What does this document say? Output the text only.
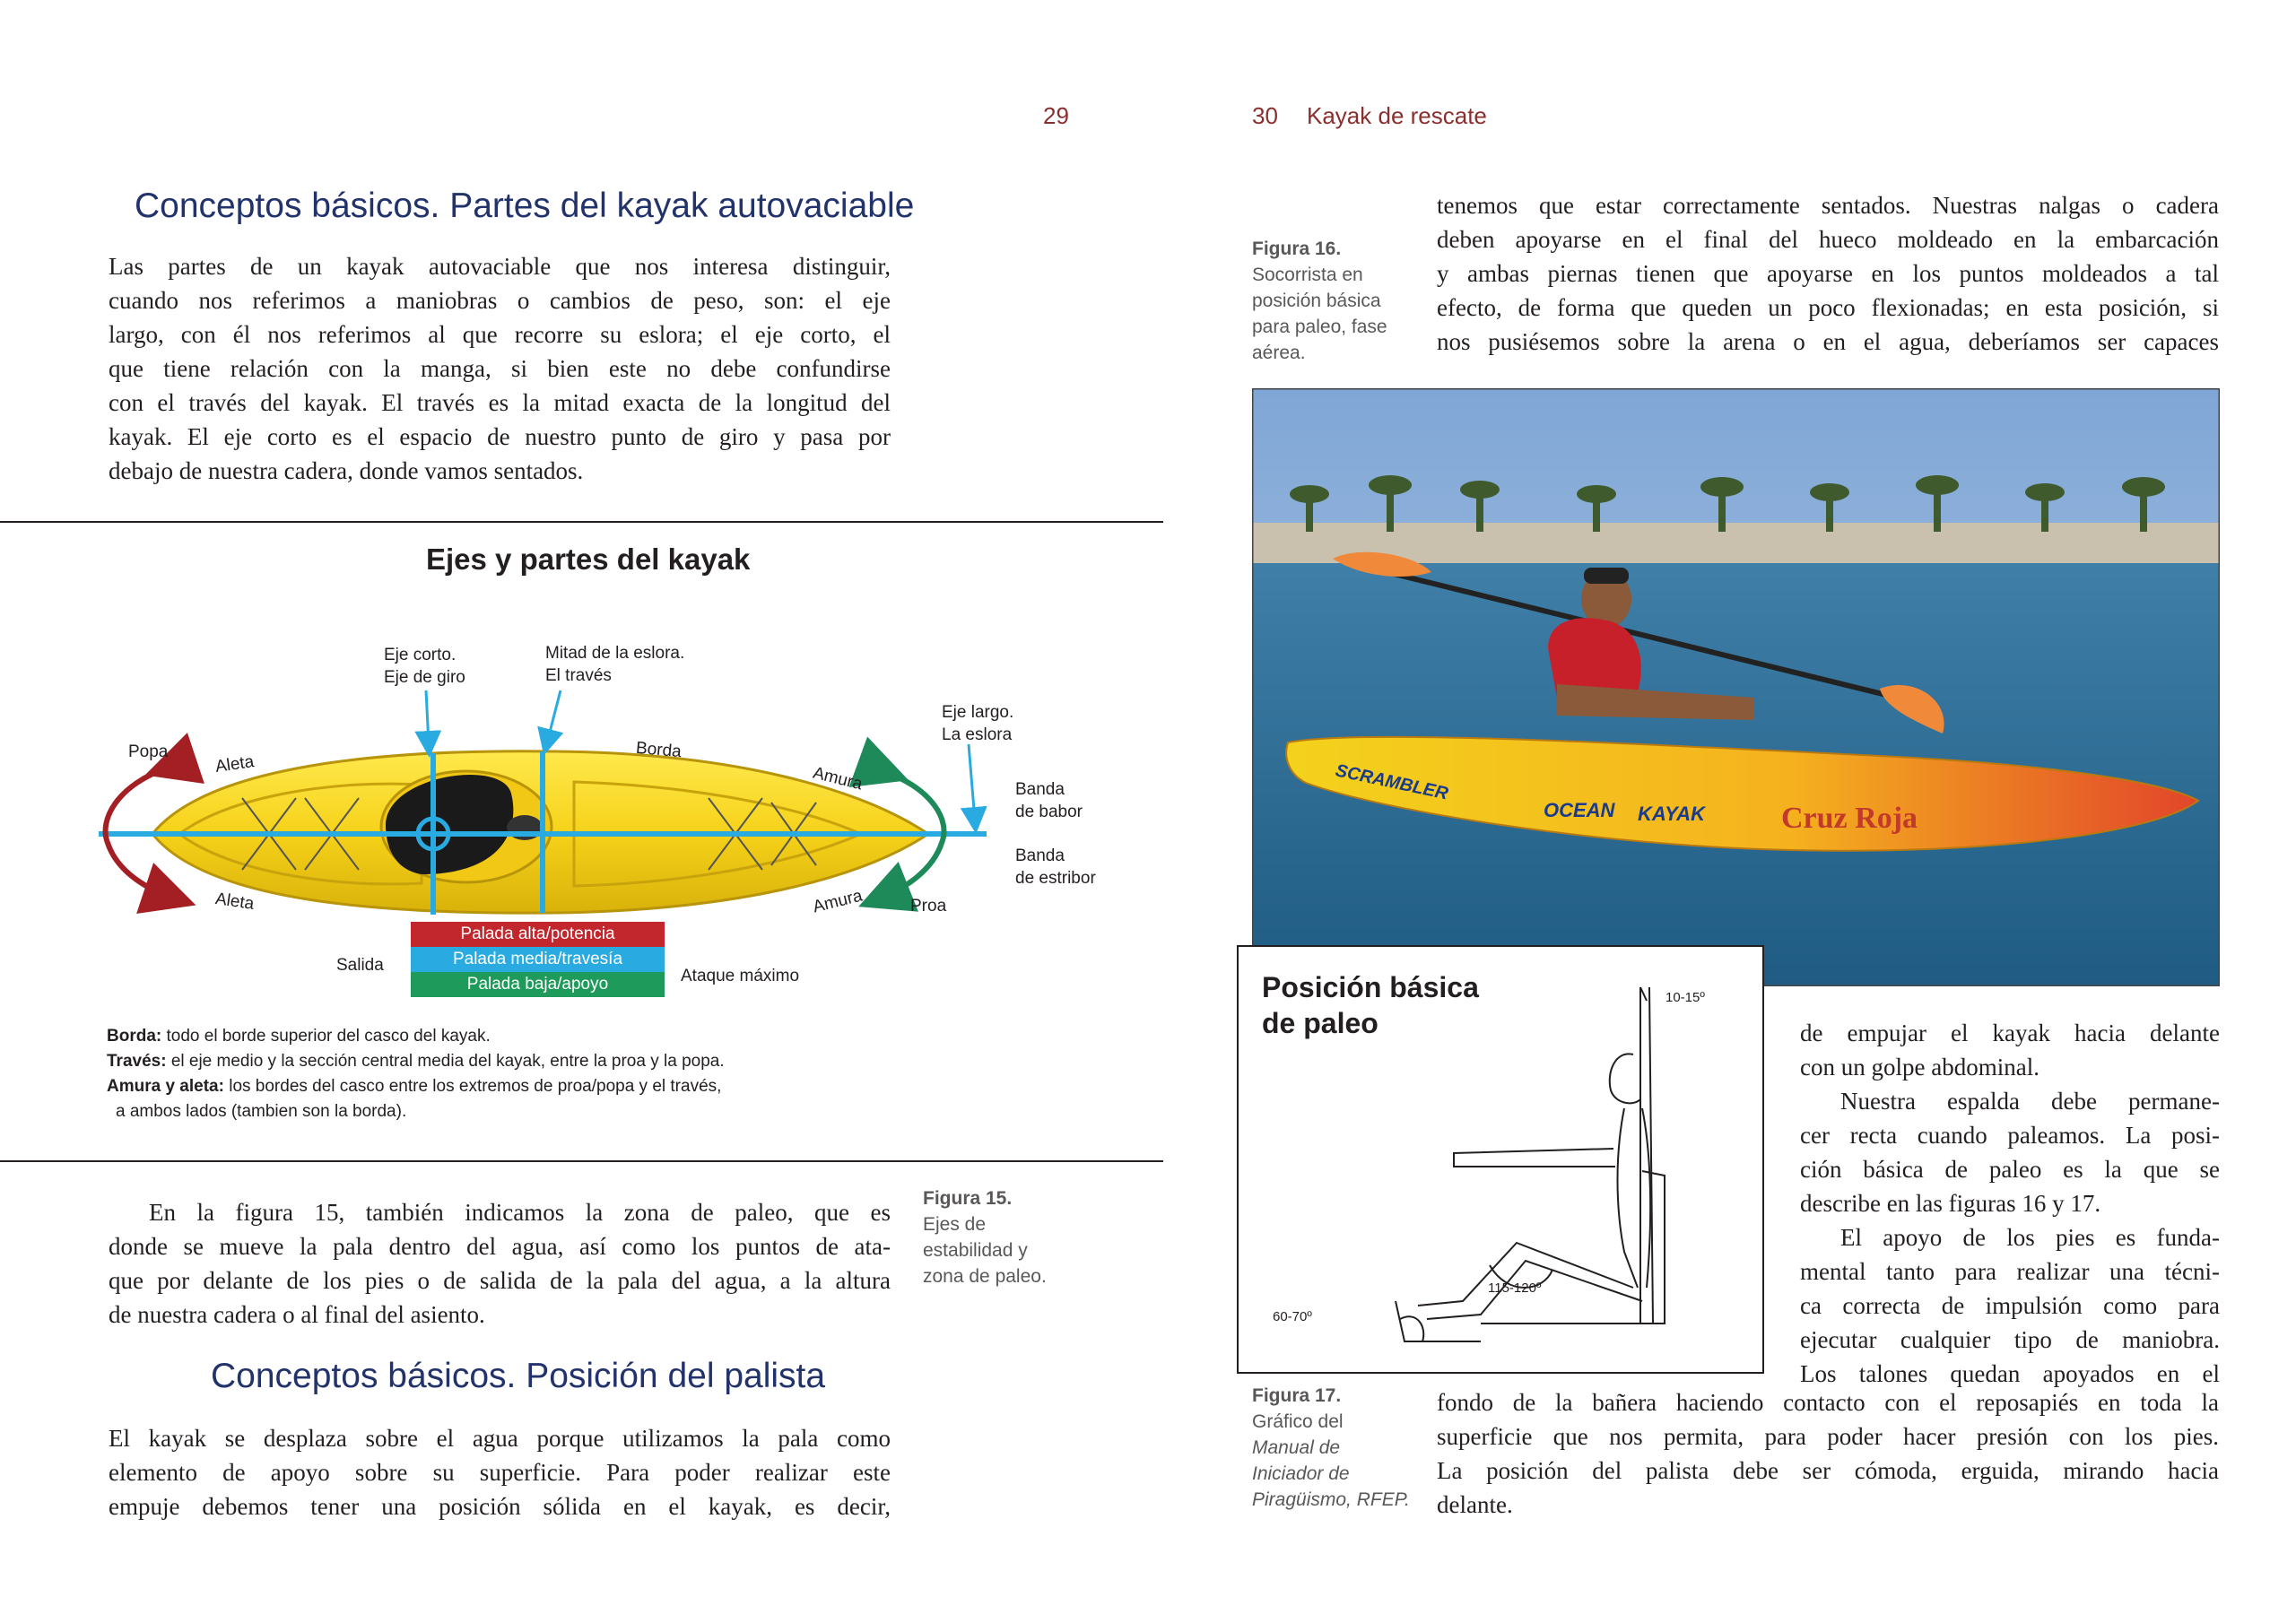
29
Conceptos básicos. Partes del kayak autovaciable
Las partes de un kayak autovaciable que nos interesa distinguir,
cuando nos referimos a maniobras o cambios de peso, son: el eje
largo, con él nos referimos al que recorre su eslora; el eje corto, el
que tiene relación con la manga, si bien este no debe confundirse
con el través del kayak. El través es la mitad exacta de la longitud del
kayak. El eje corto es el espacio de nuestro punto de giro y pasa por
debajo de nuestra cadera, donde vamos sentados.
Ejes y partes del kayak
Eje corto.
Eje de giro
Mitad de la eslora.
El través
Eje largo.
La eslora
Popa
Aleta
Aleta
Borda
Amura
Amura
Banda
de babor
Banda
de estribor
Proa
Salida
Ataque máximo
Palada alta/potencia
Palada media/travesía
Palada baja/apoyo
Borda: todo el borde superior del casco del kayak.
Través: el eje medio y la sección central media del kayak, entre la proa y la popa.
Amura y aleta: los bordes del casco entre los extremos de proa/popa y el través,
a ambos lados (tambien son la borda).
En la figura 15, también indicamos la zona de paleo, que es
donde se mueve la pala dentro del agua, así como los puntos de ata-
que por delante de los pies o de salida de la pala del agua, a la altura
de nuestra cadera o al final del asiento.
Figura 15.
Ejes de
estabilidad y
zona de paleo.
Conceptos básicos. Posición del palista
El kayak se desplaza sobre el agua porque utilizamos la pala como
elemento de apoyo sobre su superficie. Para poder realizar este
empuje debemos tener una posición sólida en el kayak, es decir,
30 Kayak de rescate
Figura 16.
Socorrista en
posición básica
para paleo, fase
aérea.
tenemos que estar correctamente sentados. Nuestras nalgas o cadera
deben apoyarse en el final del hueco moldeado en la embarcación
y ambas piernas tienen que apoyarse en los puntos moldeados a tal
efecto, de forma que queden un poco flexionadas; en esta posición, si
nos pusiésemos sobre la arena o en el agua, deberíamos ser capaces
SCRAMBLER
OCEAN KAYAK	Cruz Roja
Posición básica
de paleo
10-15º
115-120º
60-70º
de empujar el kayak hacia delante
con un golpe abdominal.
Nuestra espalda debe permane-
cer recta cuando paleamos. La posi-
ción básica de paleo es la que se
describe en las figuras 16 y 17.
El apoyo de los pies es funda-
mental tanto para realizar una técni-
ca correcta de impulsión como para
ejecutar cualquier tipo de maniobra.
Los talones quedan apoyados en el
Figura 17.
Gráfico del
Manual de
Iniciador de
Piragüismo, RFEP.
fondo de la bañera haciendo contacto con el reposapiés en toda la
superficie que nos permita, para poder hacer presión con los pies.
La posición del palista debe ser cómoda, erguida, mirando hacia
delante.
